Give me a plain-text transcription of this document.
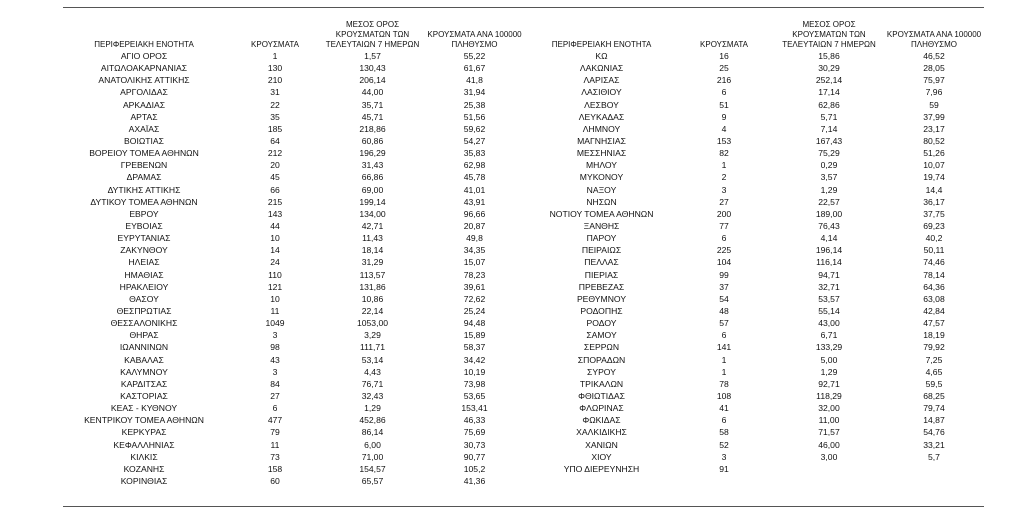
ΠΕΡΙΦΕΡΕΙΑΚΗ ΕΝΟΤΗΤΑ	ΚΡΟΥΣΜΑΤΑ
ΜΕΣΟΣ ΟΡΟΣ
ΚΡΟΥΣΜΑΤΩΝ ΤΩΝ
ΤΕΛΕΥΤΑΙΩΝ 7 ΗΜΕΡΩΝ
ΚΡΟΥΣΜΑΤΑ ΑΝΑ 100000
ΠΛΗΘΥΣΜΟ
ΑΓΙΟ ΟΡΟΣ	1	1,57	55,22
ΑΙΤΩΛΟΑΚΑΡΝΑΝΙΑΣ	130	130,43	61,67
ΑΝΑΤΟΛΙΚΗΣ ΑΤΤΙΚΗΣ	210	206,14	41,8
ΑΡΓΟΛΙΔΑΣ	31	44,00	31,94
ΑΡΚΑΔΙΑΣ	22	35,71	25,38
ΑΡΤΑΣ	35	45,71	51,56
ΑΧΑΪΑΣ	185	218,86	59,62
ΒΟΙΩΤΙΑΣ	64	60,86	54,27
ΒΟΡΕΙΟΥ ΤΟΜΕΑ ΑΘΗΝΩΝ	212	196,29	35,83
ΓΡΕΒΕΝΩΝ	20	31,43	62,98
ΔΡΑΜΑΣ	45	66,86	45,78
ΔΥΤΙΚΗΣ ΑΤΤΙΚΗΣ	66	69,00	41,01
ΔΥΤΙΚΟΥ ΤΟΜΕΑ ΑΘΗΝΩΝ	215	199,14	43,91
ΕΒΡΟΥ	143	134,00	96,66
ΕΥΒΟΙΑΣ	44	42,71	20,87
ΕΥΡΥΤΑΝΙΑΣ	10	11,43	49,8
ΖΑΚΥΝΘΟΥ	14	18,14	34,35
ΗΛΕΙΑΣ	24	31,29	15,07
ΗΜΑΘΙΑΣ	110	113,57	78,23
ΗΡΑΚΛΕΙΟΥ	121	131,86	39,61
ΘΑΣΟΥ	10	10,86	72,62
ΘΕΣΠΡΩΤΙΑΣ	11	22,14	25,24
ΘΕΣΣΑΛΟΝΙΚΗΣ	1049	1053,00	94,48
ΘΗΡΑΣ	3	3,29	15,89
ΙΩΑΝΝΙΝΩΝ	98	111,71	58,37
ΚΑΒΑΛΑΣ	43	53,14	34,42
ΚΑΛΥΜΝΟΥ	3	4,43	10,19
ΚΑΡΔΙΤΣΑΣ	84	76,71	73,98
ΚΑΣΤΟΡΙΑΣ	27	32,43	53,65
ΚΕΑΣ - ΚΥΘΝΟΥ	6	1,29	153,41
ΚΕΝΤΡΙΚΟΥ ΤΟΜΕΑ ΑΘΗΝΩΝ	477	452,86	46,33
ΚΕΡΚΥΡΑΣ	79	86,14	75,69
ΚΕΦΑΛΛΗΝΙΑΣ	11	6,00	30,73
ΚΙΛΚΙΣ	73	71,00	90,77
ΚΟΖΑΝΗΣ	158	154,57	105,2
ΚΟΡΙΝΘΙΑΣ	60	65,57	41,36
ΠΕΡΙΦΕΡΕΙΑΚΗ ΕΝΟΤΗΤΑ	ΚΡΟΥΣΜΑΤΑ
ΜΕΣΟΣ ΟΡΟΣ
ΚΡΟΥΣΜΑΤΩΝ ΤΩΝ
ΤΕΛΕΥΤΑΙΩΝ 7 ΗΜΕΡΩΝ
ΚΡΟΥΣΜΑΤΑ ΑΝΑ 100000
ΠΛΗΘΥΣΜΟ
ΚΩ	16	15,86	46,52
ΛΑΚΩΝΙΑΣ	25	30,29	28,05
ΛΑΡΙΣΑΣ	216	252,14	75,97
ΛΑΣΙΘΙΟΥ	6	17,14	7,96
ΛΕΣΒΟΥ	51	62,86	59
ΛΕΥΚΑΔΑΣ	9	5,71	37,99
ΛΗΜΝΟΥ	4	7,14	23,17
ΜΑΓΝΗΣΙΑΣ	153	167,43	80,52
ΜΕΣΣΗΝΙΑΣ	82	75,29	51,26
ΜΗΛΟΥ	1	0,29	10,07
ΜΥΚΟΝΟΥ	2	3,57	19,74
ΝΑΞΟΥ	3	1,29	14,4
ΝΗΣΩΝ	27	22,57	36,17
ΝΟΤΙΟΥ ΤΟΜΕΑ ΑΘΗΝΩΝ	200	189,00	37,75
ΞΑΝΘΗΣ	77	76,43	69,23
ΠΑΡΟΥ	6	4,14	40,2
ΠΕΙΡΑΙΩΣ	225	196,14	50,11
ΠΕΛΛΑΣ	104	116,14	74,46
ΠΙΕΡΙΑΣ	99	94,71	78,14
ΠΡΕΒΕΖΑΣ	37	32,71	64,36
ΡΕΘΥΜΝΟΥ	54	53,57	63,08
ΡΟΔΟΠΗΣ	48	55,14	42,84
ΡΟΔΟΥ	57	43,00	47,57
ΣΑΜΟΥ	6	6,71	18,19
ΣΕΡΡΩΝ	141	133,29	79,92
ΣΠΟΡΑΔΩΝ	1	5,00	7,25
ΣΥΡΟΥ	1	1,29	4,65
ΤΡΙΚΑΛΩΝ	78	92,71	59,5
ΦΘΙΩΤΙΔΑΣ	108	118,29	68,25
ΦΛΩΡΙΝΑΣ	41	32,00	79,74
ΦΩΚΙΔΑΣ	6	11,00	14,87
ΧΑΛΚΙΔΙΚΗΣ	58	71,57	54,76
ΧΑΝΙΩΝ	52	46,00	33,21
ΧΙΟΥ	3	3,00	5,7
ΥΠΟ ΔΙΕΡΕΥΝΗΣΗ	91
